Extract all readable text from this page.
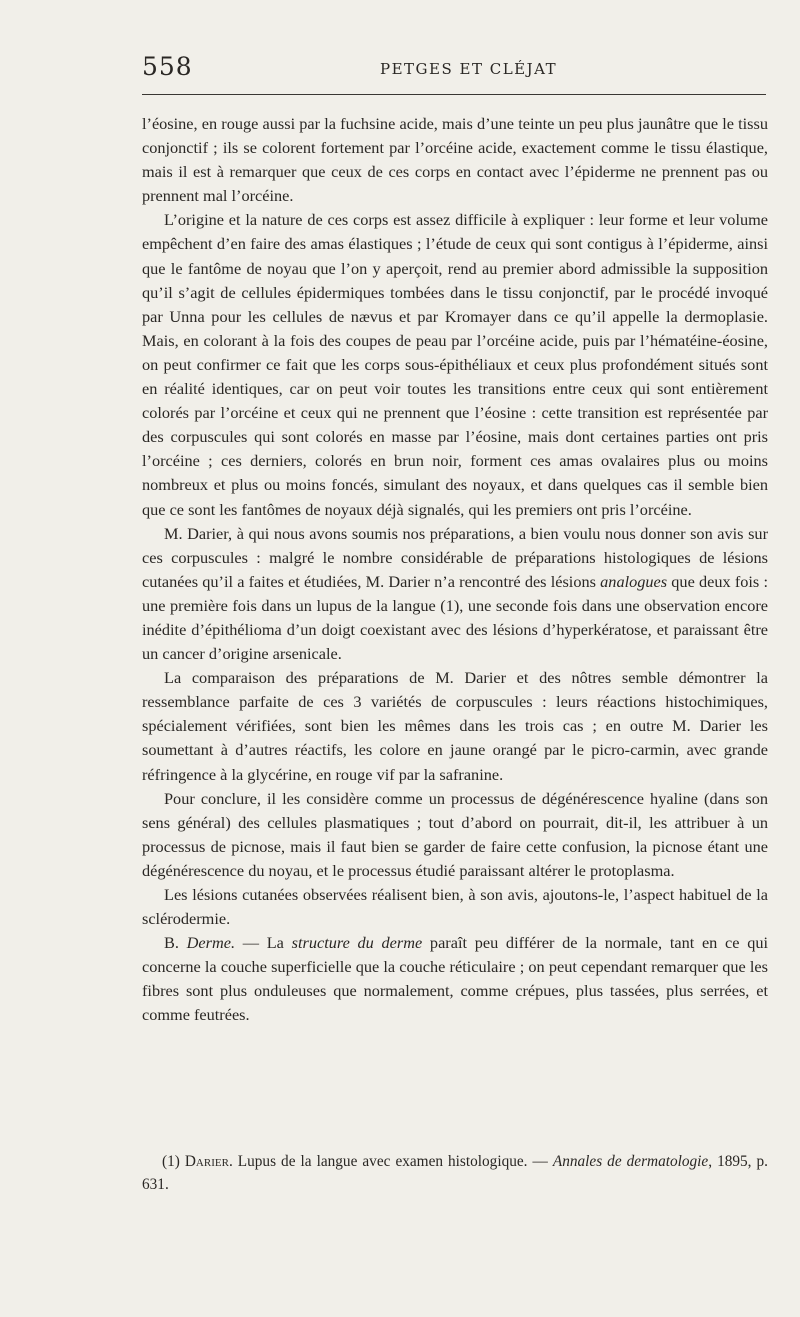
558	PETGES ET CLÉJAT

l’éosine, en rouge aussi par la fuchsine acide, mais d’une teinte un peu plus jaunâtre que le tissu conjonctif ; ils se colorent fortement par l’orcéine acide, exactement comme le tissu élastique, mais il est à remarquer que ceux de ces corps en contact avec l’épiderme ne prennent pas ou prennent mal l’orcéine.

L’origine et la nature de ces corps est assez difficile à expliquer : leur forme et leur volume empêchent d’en faire des amas élastiques ; l’étude de ceux qui sont contigus à l’épiderme, ainsi que le fantôme de noyau que l’on y aperçoit, rend au premier abord admissible la supposition qu’il s’agit de cellules épidermiques tombées dans le tissu conjonctif, par le procédé invoqué par Unna pour les cellules de nævus et par Kromayer dans ce qu’il appelle la dermoplasie. Mais, en colorant à la fois des coupes de peau par l’orcéine acide, puis par l’hématéine-éosine, on peut confirmer ce fait que les corps sous-épithéliaux et ceux plus profondément situés sont en réalité identiques, car on peut voir toutes les transitions entre ceux qui sont entièrement colorés par l’orcéine et ceux qui ne prennent que l’éosine : cette transition est représentée par des corpuscules qui sont colorés en masse par l’éosine, mais dont certaines parties ont pris l’orcéine ; ces derniers, colorés en brun noir, forment ces amas ovalaires plus ou moins nombreux et plus ou moins foncés, simulant des noyaux, et dans quelques cas il semble bien que ce sont les fantômes de noyaux déjà signalés, qui les premiers ont pris l’orcéine.

M. Darier, à qui nous avons soumis nos préparations, a bien voulu nous donner son avis sur ces corpuscules : malgré le nombre considérable de préparations histologiques de lésions cutanées qu’il a faites et étudiées, M. Darier n’a rencontré des lésions analogues que deux fois : une première fois dans un lupus de la langue (1), une seconde fois dans une observation encore inédite d’épithélioma d’un doigt coexistant avec des lésions d’hyperkératose, et paraissant être un cancer d’origine arsenicale.

La comparaison des préparations de M. Darier et des nôtres semble démontrer la ressemblance parfaite de ces 3 variétés de corpuscules : leurs réactions histochimiques, spécialement vérifiées, sont bien les mêmes dans les trois cas ; en outre M. Darier les soumettant à d’autres réactifs, les colore en jaune orangé par le picro-carmin, avec grande réfringence à la glycérine, en rouge vif par la safranine.

Pour conclure, il les considère comme un processus de dégénérescence hyaline (dans son sens général) des cellules plasmatiques ; tout d’abord on pourrait, dit-il, les attribuer à un processus de picnose, mais il faut bien se garder de faire cette confusion, la picnose étant une dégénérescence du noyau, et le processus étudié paraissant altérer le protoplasma.

Les lésions cutanées observées réalisent bien, à son avis, ajoutons-le, l’aspect habituel de la sclérodermie.

B. Derme. — La structure du derme paraît peu différer de la normale, tant en ce qui concerne la couche superficielle que la couche réticulaire ; on peut cependant remarquer que les fibres sont plus onduleuses que normalement, comme crépues, plus tassées, plus serrées, et comme feutrées.

(1) Darier. Lupus de la langue avec examen histologique. — Annales de dermatologie, 1895, p. 631.
